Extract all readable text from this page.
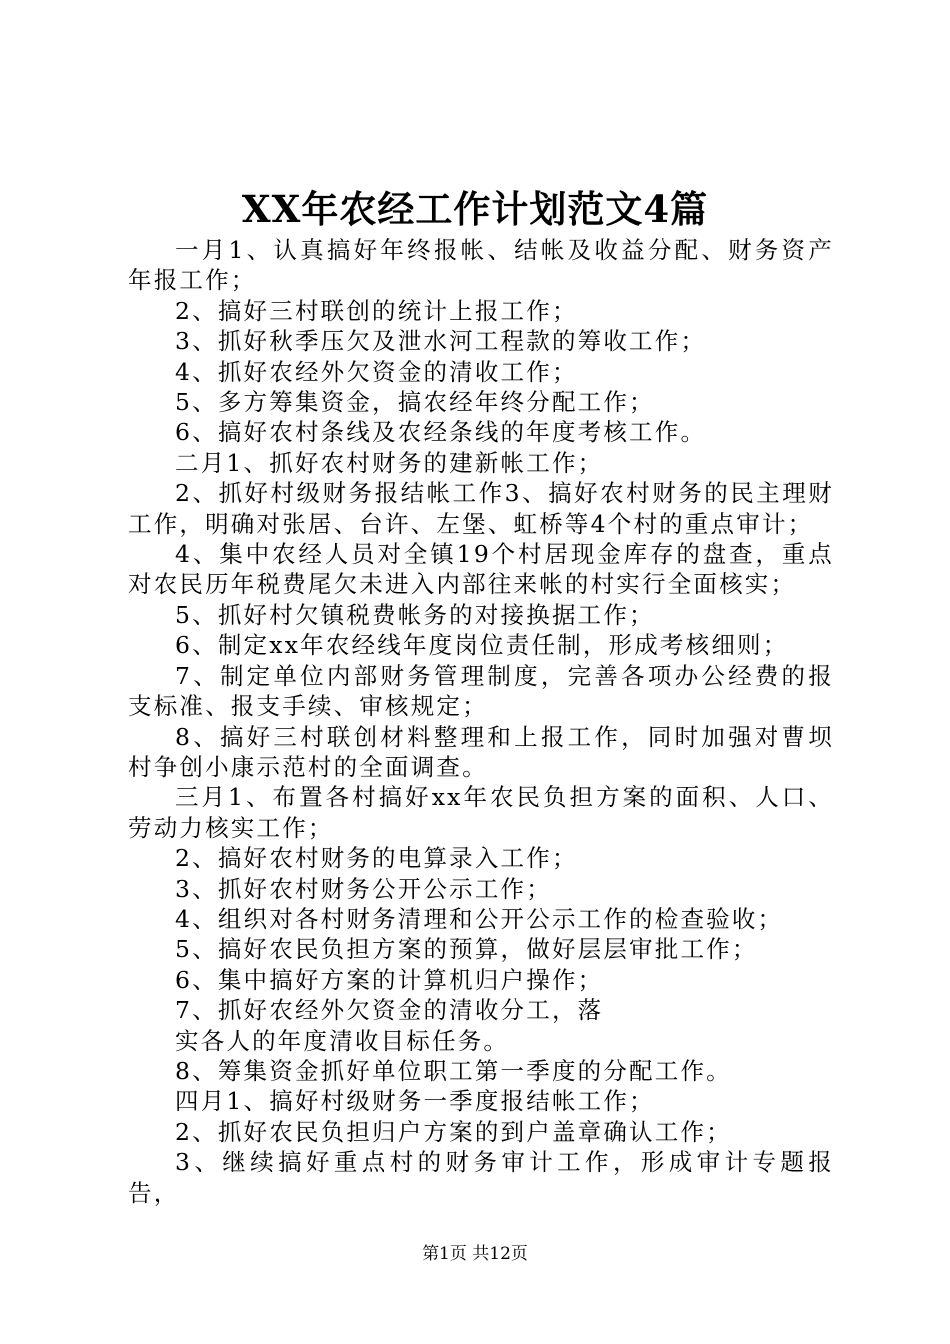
XX年农经工作计划范文4篇

一月1、认真搞好年终报帐、结帐及收益分配、财务资产年报工作；

2、搞好三村联创的统计上报工作；

3、抓好秋季压欠及泄水河工程款的筹收工作；

4、抓好农经外欠资金的清收工作；

5、多方筹集资金，搞农经年终分配工作；

6、搞好农村条线及农经条线的年度考核工作。

二月1、抓好农村财务的建新帐工作；

2、抓好村级财务报结帐工作3、搞好农村财务的民主理财工作，明确对张居、台许、左堡、虹桥等4个村的重点审计；

4、集中农经人员对全镇19个村居现金库存的盘查，重点对农民历年税费尾欠未进入内部往来帐的村实行全面核实；

5、抓好村欠镇税费帐务的对接换据工作；

6、制定xx年农经线年度岗位责任制，形成考核细则；

7、制定单位内部财务管理制度，完善各项办公经费的报支标准、报支手续、审核规定；

8、搞好三村联创材料整理和上报工作，同时加强对曹坝村争创小康示范村的全面调查。

三月1、布置各村搞好xx年农民负担方案的面积、人口、劳动力核实工作；

2、搞好农村财务的电算录入工作；

3、抓好农村财务公开公示工作；

4、组织对各村财务清理和公开公示工作的检查验收；

5、搞好农民负担方案的预算，做好层层审批工作；

6、集中搞好方案的计算机归户操作；

7、抓好农经外欠资金的清收分工，落

实各人的年度清收目标任务。

8、筹集资金抓好单位职工第一季度的分配工作。

四月1、搞好村级财务一季度报结帐工作；

2、抓好农民负担归户方案的到户盖章确认工作；

3、继续搞好重点村的财务审计工作，形成审计专题报告，

第1页 共12页
